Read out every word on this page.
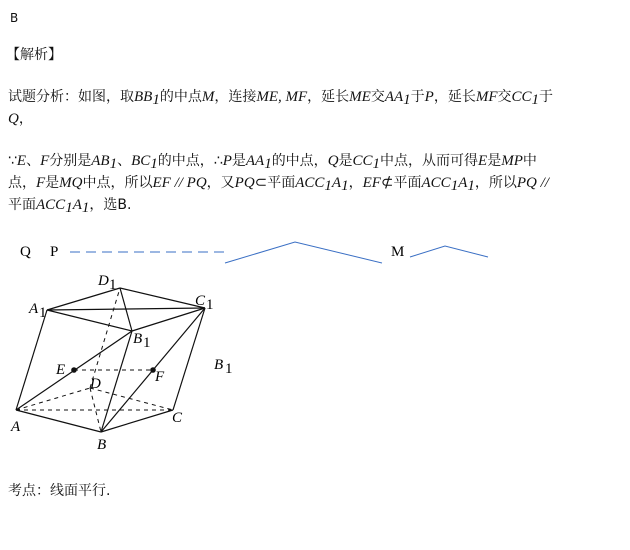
B
【解析】
试题分析：如图，取$BB_1$的中点M，连接ME, MF，延长ME交$AA_1$于P，延长MF交$CC_1$于
Q，
∵E、F分别是$AB_1$、$BC_1$的中点，∴P是$AA_1$的中点，Q是$CC_1$中点，从而可得E是MP中
点，F是MQ中点，所以EF // PQ，又PQ⊂平面$ACC_1A_1$，EF⊄平面$ACC_1A_1$，所以PQ //
平面$ACC_1A_1$，选B.
Q P	M
A
B
C
D
E	F
A 1
D 1
C 1
B 1
B 1
考点：线面平行.
